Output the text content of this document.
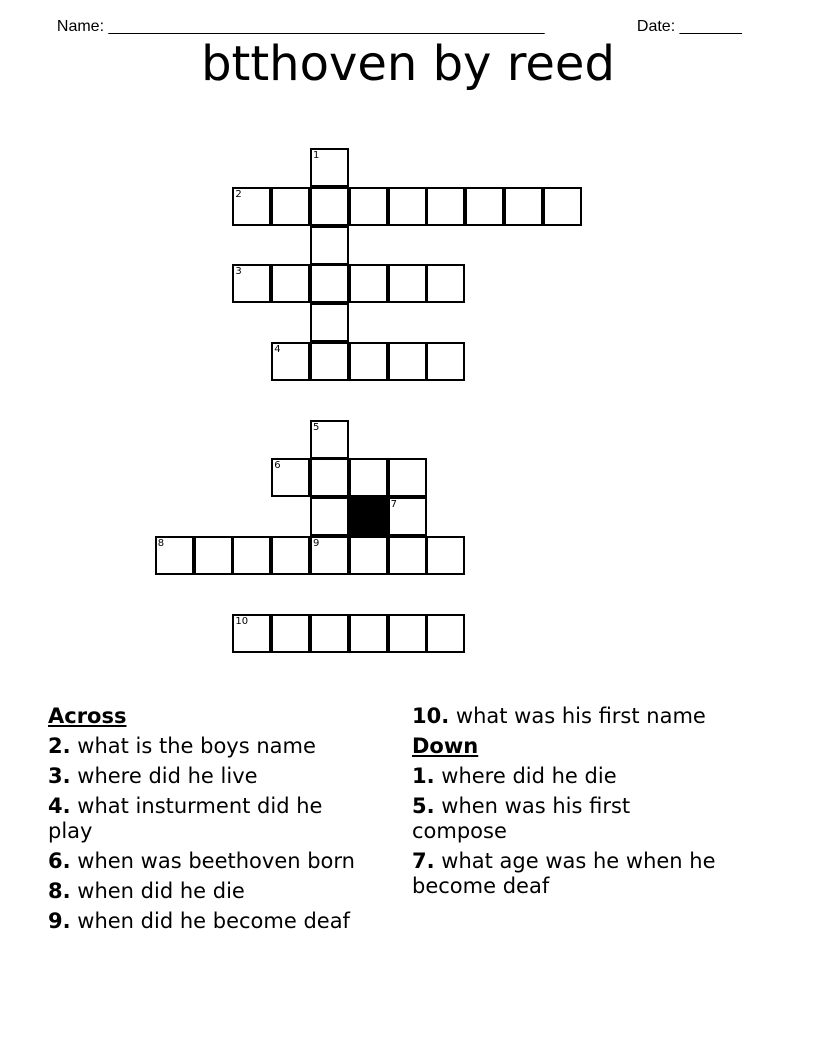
Name: _________________________________________________	Date: _______

btthoven by reed
1
2
3
4
5
6
7
8	9
10
Across
2. what is the boys name
3. where did he live
4. what insturment did he play
6. when was beethoven born
8. when did he die
9. when did he become deaf
10. what was his first name
Down
1. where did he die
5. when was his first compose
7. what age was he when he become deaf
